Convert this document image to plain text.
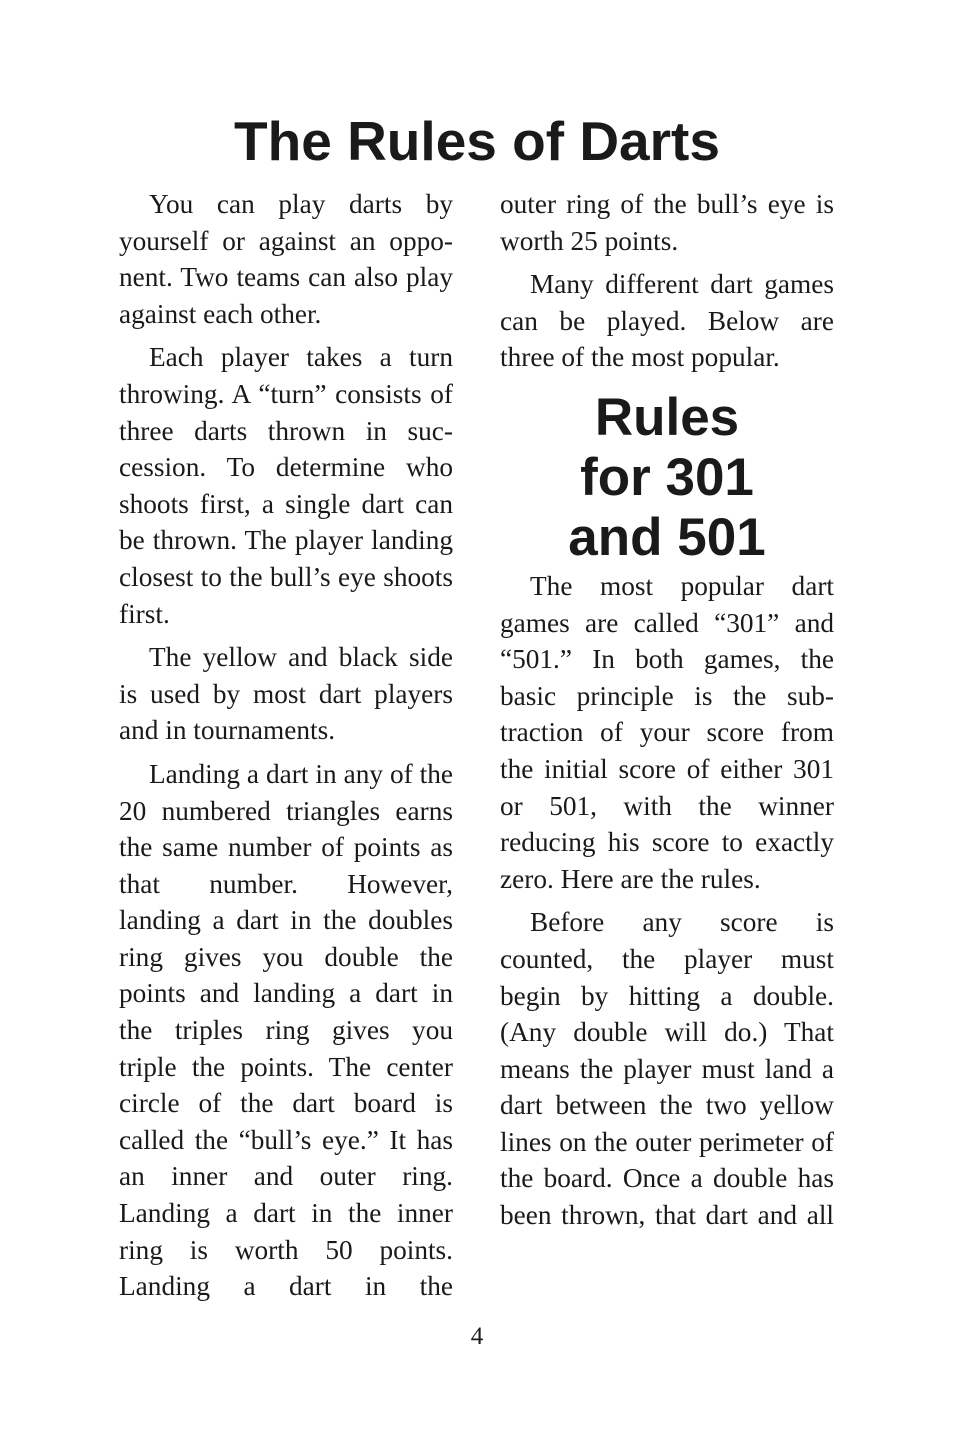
The Rules of Darts

You can play darts by yourself or against an opponent. Two teams can also play against each other.

Each player takes a turn throwing. A “turn” consists of three darts thrown in succession. To determine who shoots first, a single dart can be thrown. The player landing closest to the bull’s eye shoots first.

The yellow and black side is used by most dart players and in tournaments.

Landing a dart in any of the 20 numbered triangles earns the same number of points as that number. However, landing a dart in the doubles ring gives you double the points and landing a dart in the triples ring gives you triple the points. The center circle of the dart board is called the “bull’s eye.” It has an inner and outer ring. Landing a dart in the inner ring is worth 50 points. Landing a dart in the

outer ring of the bull’s eye is worth 25 points.

Many different dart games can be played. Below are three of the most popular.

Rules
for 301
and 501

The most popular dart games are called “301” and “501.” In both games, the basic principle is the subtraction of your score from the initial score of either 301 or 501, with the winner reducing his score to exactly zero. Here are the rules.

Before any score is counted, the player must begin by hitting a double. (Any double will do.) That means the player must land a dart between the two yellow lines on the outer perimeter of the board. Once a double has been thrown, that dart and all

4
